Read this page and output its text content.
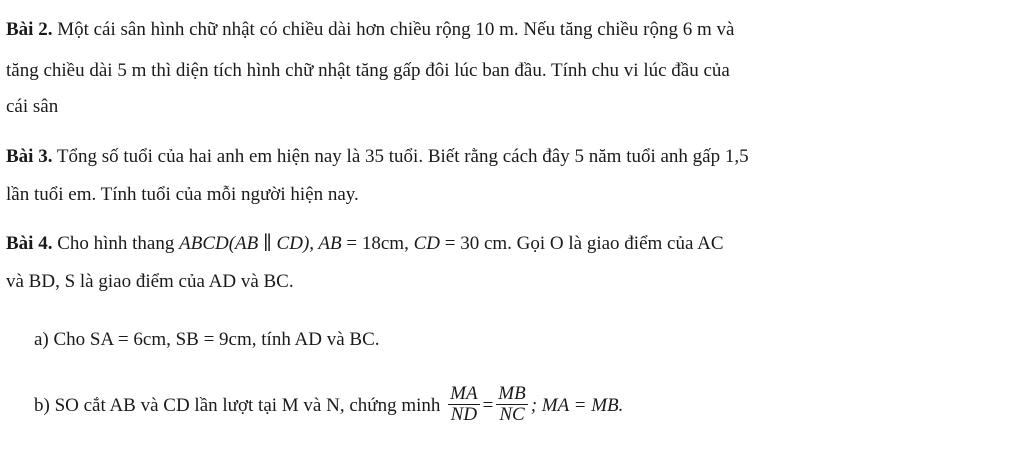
Bài 2. Một cái sân hình chữ nhật có chiều dài hơn chiều rộng 10 m. Nếu tăng chiều rộng 6 m và
tăng chiều dài 5 m thì diện tích hình chữ nhật tăng gấp đôi lúc ban đầu. Tính chu vi lúc đầu của
cái sân
Bài 3. Tổng số tuổi của hai anh em hiện nay là 35 tuổi. Biết rằng cách đây 5 năm tuổi anh gấp 1,5
lần tuổi em. Tính tuổi của mỗi người hiện nay.
Bài 4. Cho hình thang ABCD(AB ∥ CD), AB = 18cm, CD = 30 cm. Gọi O là giao điểm của AC
và BD, S là giao điểm của AD và BC.
a) Cho SA = 6cm, SB = 9cm, tính AD và BC.
b) SO cắt AB và CD lần lượt tại M và N, chứng minh $\frac{MA}{ND} = \frac{MB}{NC}$ ; MA = MB.
